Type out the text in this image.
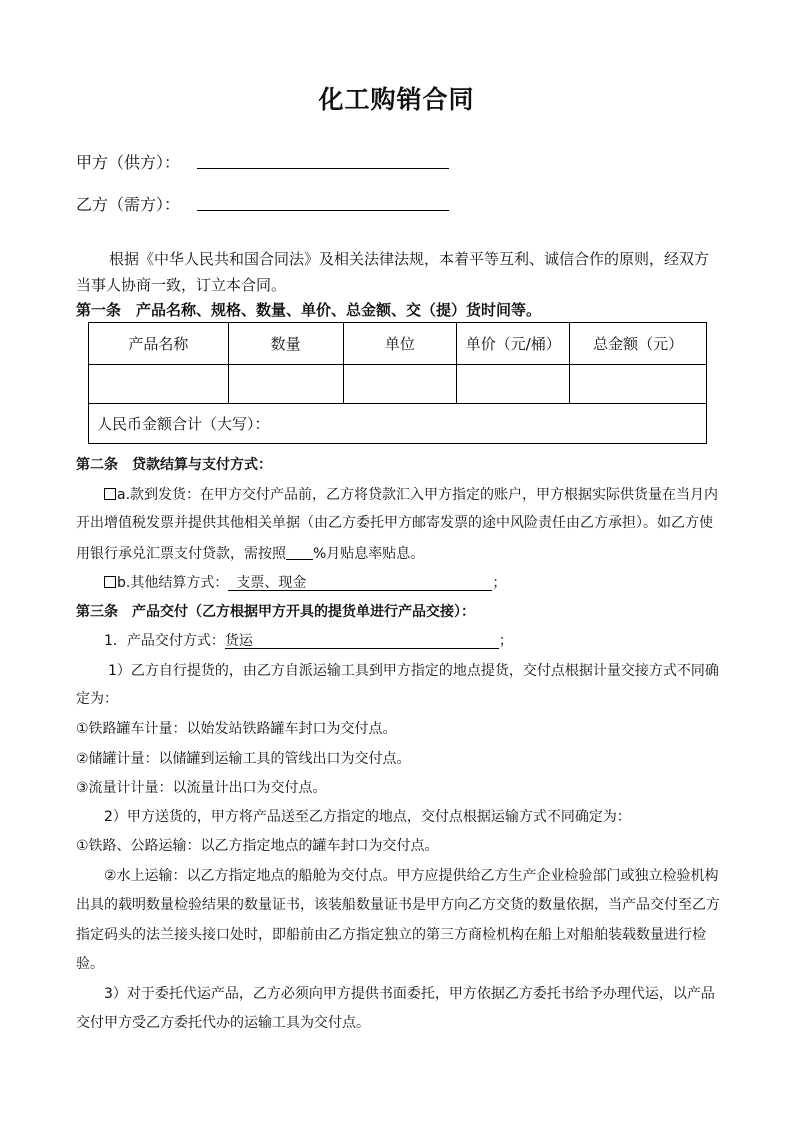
化工购销合同
甲方（供方）：
乙方（需方）：
根据《中华人民共和国合同法》及相关法律法规，本着平等互利、诚信合作的原则，经双方当事人协商一致，订立本合同。
第一条　产品名称、规格、数量、单价、总金额、交（提）货时间等。
产品名称	数量	单位	单价（元/桶）	总金额（元）

人民币金额合计（大写）：				
第二条　贷款结算与支付方式：
a.款到发货：在甲方交付产品前，乙方将贷款汇入甲方指定的账户，甲方根据实际供货量在当月内
开出增值税发票并提供其他相关单据（由乙方委托甲方邮寄发票的途中风险责任由乙方承担）。如乙方使
用银行承兑汇票支付贷款，需按照 %月贴息率贴息。
b.其他结算方式： 支票、现金	；
第三条　产品交付（乙方根据甲方开具的提货单进行产品交接）：
1．产品交付方式：货运	；
1）乙方自行提货的，由乙方自派运输工具到甲方指定的地点提货，交付点根据计量交接方式不同确
定为：
①铁路罐车计量：以始发站铁路罐车封口为交付点。
②储罐计量：以储罐到运输工具的管线出口为交付点。
③流量计计量：以流量计出口为交付点。
2）甲方送货的，甲方将产品送至乙方指定的地点，交付点根据运输方式不同确定为：
①铁路、公路运输：以乙方指定地点的罐车封口为交付点。
②水上运输：以乙方指定地点的船舱为交付点。甲方应提供给乙方生产企业检验部门或独立检验机构
出具的载明数量检验结果的数量证书，该装船数量证书是甲方向乙方交货的数量依据，当产品交付至乙方
指定码头的法兰接头接口处时，即船前由乙方指定独立的第三方商检机构在船上对船舶装载数量进行检
验。
3）对于委托代运产品，乙方必须向甲方提供书面委托，甲方依据乙方委托书给予办理代运，以产品
交付甲方受乙方委托代办的运输工具为交付点。
